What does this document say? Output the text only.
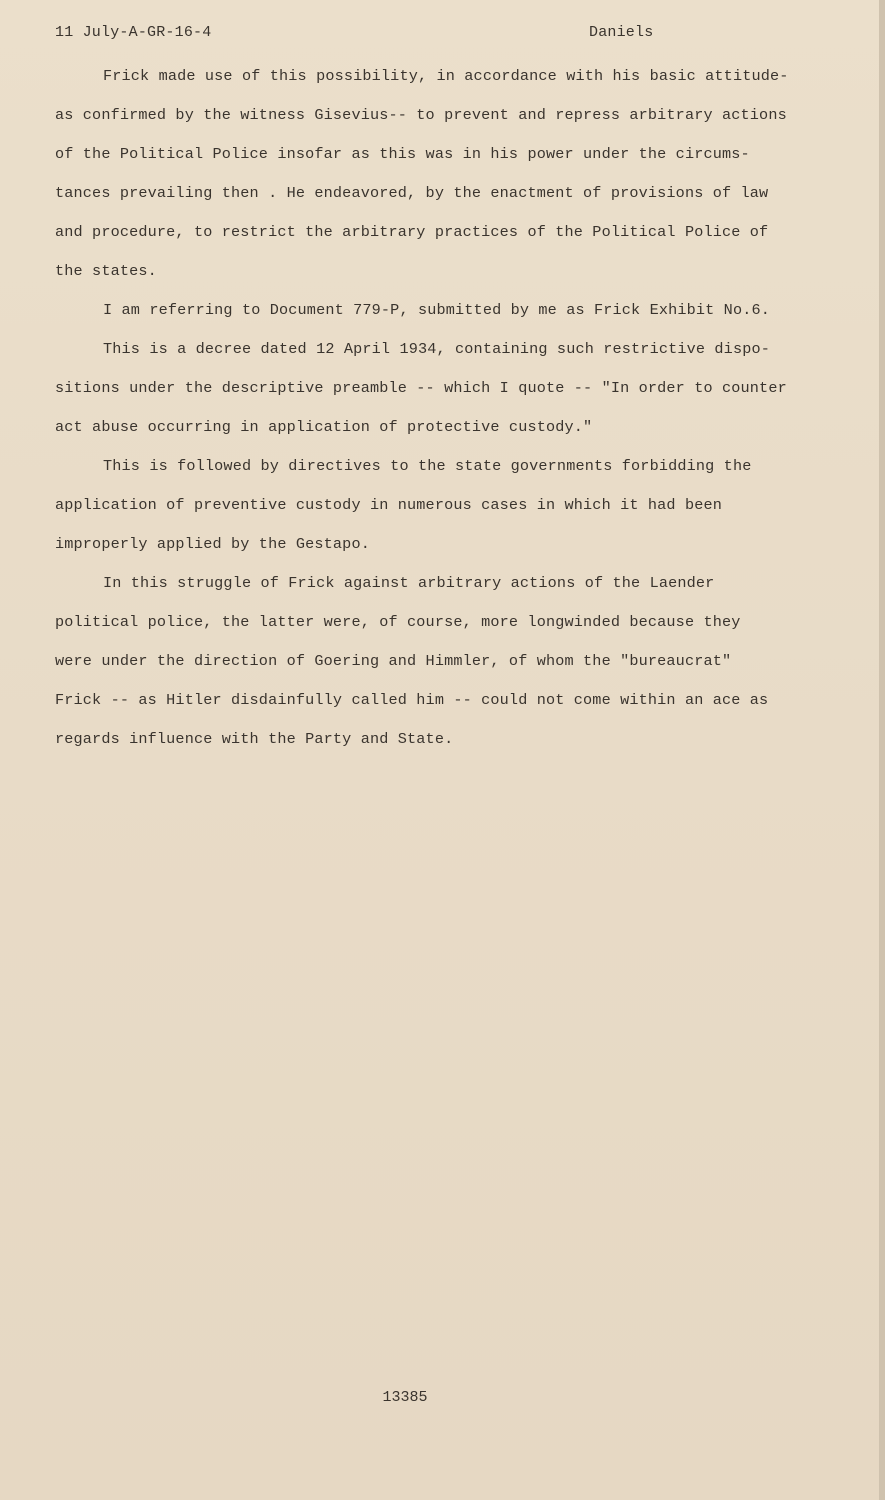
11 July-A-GR-16-4	Daniels
Frick made use of this possibility, in accordance with his basic attitude-
as confirmed by the witness Gisevius-- to prevent and repress arbitrary actions
of the Political Police insofar as this was in his power under the circums-
tances prevailing then . He endeavored, by the enactment of provisions of law
and procedure, to restrict the arbitrary practices of the Political Police of
the states.
I am referring to Document 779-P, submitted by me as Frick Exhibit No.6.
This is a decree dated 12 April 1934, containing such restrictive dispo-
sitions under the descriptive preamble -- which I quote -- "In order to counter
act abuse occurring in application of protective custody."
This is followed by directives to the state governments forbidding the
application of preventive custody in numerous cases in which it had been
improperly applied by the Gestapo.
In this struggle of Frick against arbitrary actions of the Laender
political police, the latter were, of course, more longwinded because they
were under the direction of Goering and Himmler, of whom the "bureaucrat"
Frick -- as Hitler disdainfully called him -- could not come within an ace as
regards influence with the Party and State.
13385
